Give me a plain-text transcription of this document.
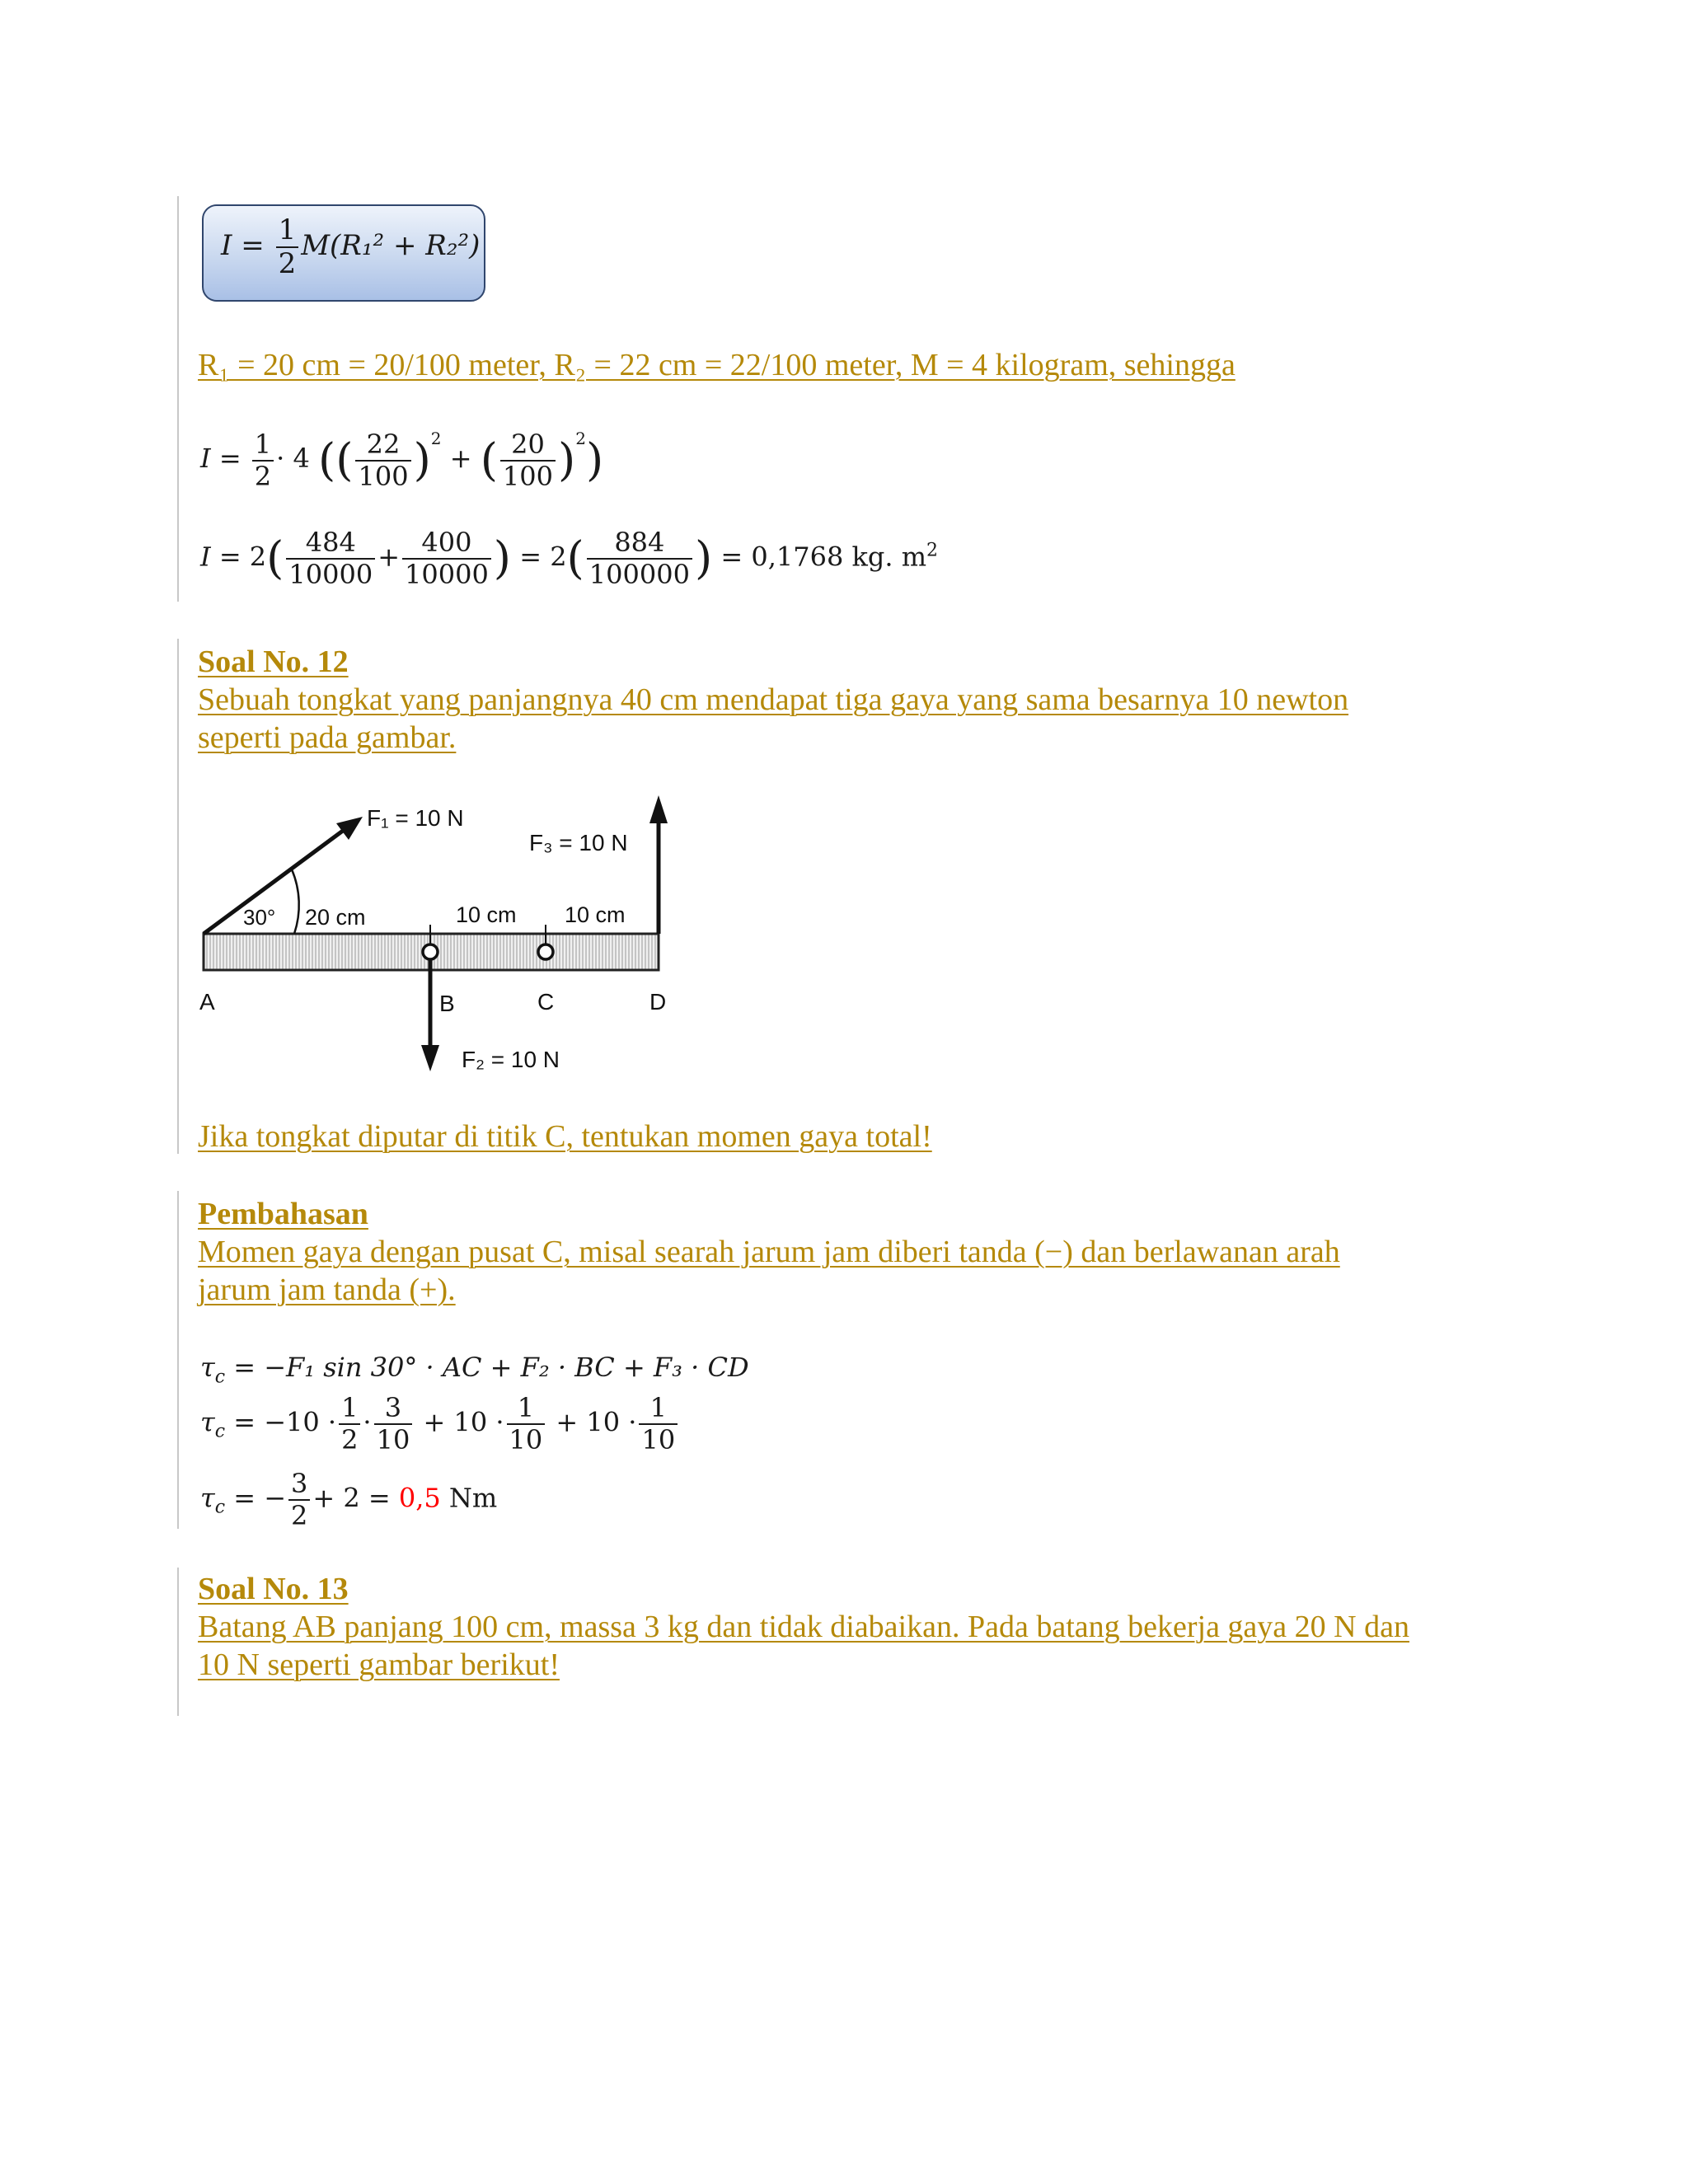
$I = \frac{1}{2} M(R_1^2 + R_2^2)$

R₁ = 20 cm = 20/100 meter, R₂ = 22 cm = 22/100 meter, M = 4 kilogram, sehingga

$I = \frac{1}{2} \cdot 4$ (( $\frac{22}{100} )^2$ + ( $\frac{20}{100} )^2$)
$I = 2( \frac{484}{10000} + \frac{400}{10000}$ ) = $2( \frac{884}{100000}$ ) = 0,1768 kg. $m^2$

Soal No. 12

Sebuah tongkat yang panjangnya 40 cm mendapat tiga gaya yang sama besarnya 10 newton

seperti pada gambar.

F₁ = 10 N
F₃ = 10 N
F₂ = 10 N
30° 20 cm	10 cm 10 cm
A	B	C	D

Jika tongkat diputar di titik C, tentukan momen gaya total!

Pembahasan

Momen gaya dengan pusat C, misal searah jarum jam diberi tanda (−) dan berlawanan arah

jarum jam tanda (+).

$\tau_c = -F_1$ sin 30° · AC + F₂ · BC + F₃ · CD
$\tau_c = -10 \cdot \frac{1}{2} \cdot \frac{3}{10} + 10 \cdot \frac{1}{10} + 10 \cdot \frac{1}{10}$
$\tau_c$ = − $\frac{3}{2} + 2 = 0,5$ Nm

Soal No. 13

Batang AB panjang 100 cm, massa 3 kg dan tidak diabaikan. Pada batang bekerja gaya 20 N dan

10 N seperti gambar berikut!
